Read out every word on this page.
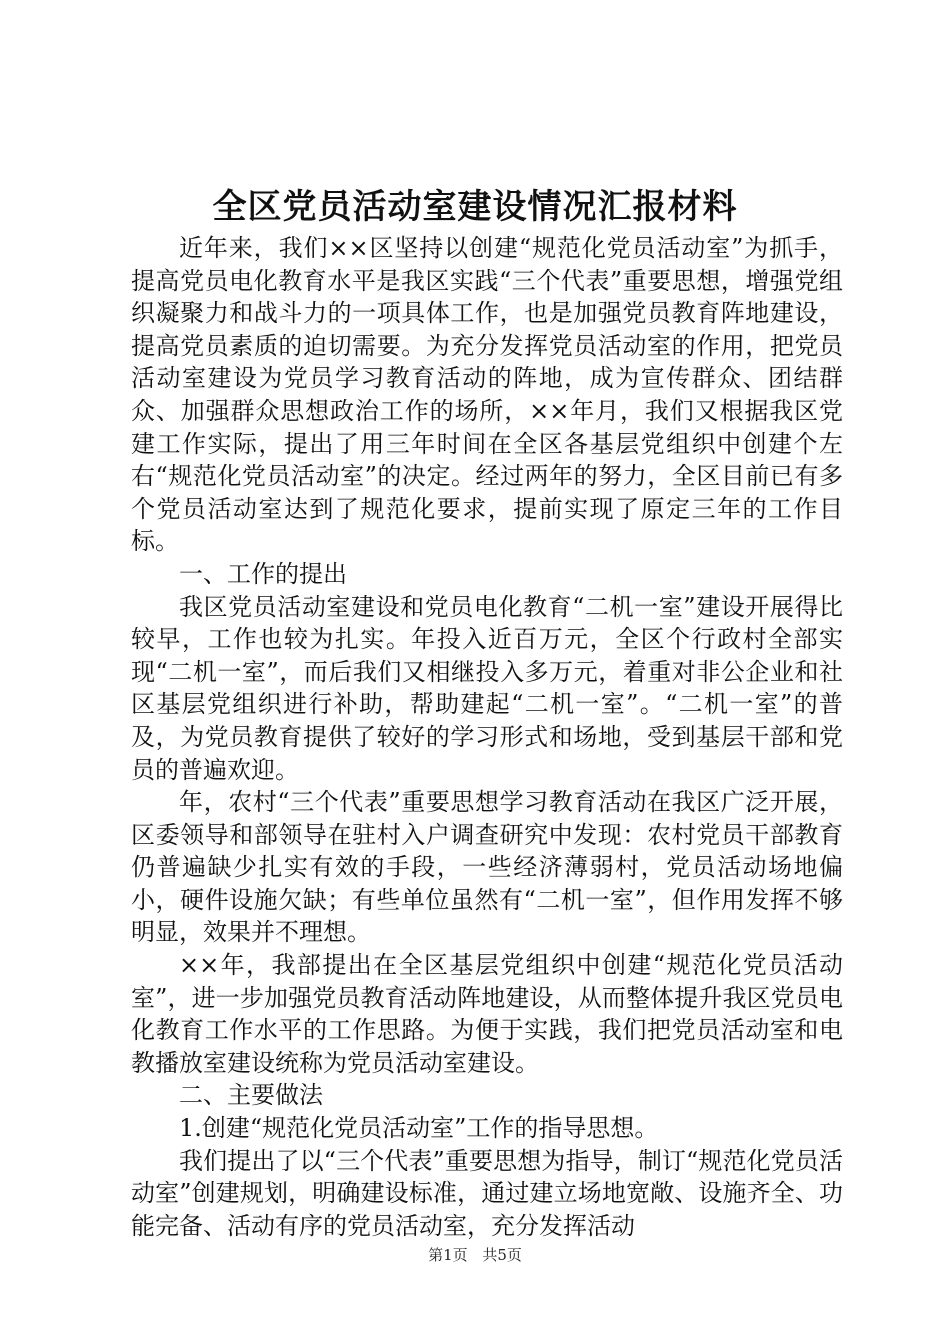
全区党员活动室建设情况汇报材料

近年来，我们××区坚持以创建“规范化党员活动室”为抓手，提高党员电化教育水平是我区实践“三个代表”重要思想，增强党组织凝聚力和战斗力的一项具体工作，也是加强党员教育阵地建设，提高党员素质的迫切需要。为充分发挥党员活动室的作用，把党员活动室建设为党员学习教育活动的阵地，成为宣传群众、团结群众、加强群众思想政治工作的场所，××年月，我们又根据我区党建工作实际，提出了用三年时间在全区各基层党组织中创建个左右“规范化党员活动室”的决定。经过两年的努力，全区目前已有多个党员活动室达到了规范化要求，提前实现了原定三年的工作目标。

一、工作的提出

我区党员活动室建设和党员电化教育“二机一室”建设开展得比较早，工作也较为扎实。年投入近百万元，全区个行政村全部实现“二机一室”，而后我们又相继投入多万元，着重对非公企业和社区基层党组织进行补助，帮助建起“二机一室”。“二机一室”的普及，为党员教育提供了较好的学习形式和场地，受到基层干部和党员的普遍欢迎。

年，农村“三个代表”重要思想学习教育活动在我区广泛开展，区委领导和部领导在驻村入户调查研究中发现：农村党员干部教育仍普遍缺少扎实有效的手段，一些经济薄弱村，党员活动场地偏小，硬件设施欠缺；有些单位虽然有“二机一室”，但作用发挥不够明显，效果并不理想。

××年，我部提出在全区基层党组织中创建“规范化党员活动室”，进一步加强党员教育活动阵地建设，从而整体提升我区党员电化教育工作水平的工作思路。为便于实践，我们把党员活动室和电教播放室建设统称为党员活动室建设。

二、主要做法

1.创建“规范化党员活动室”工作的指导思想。

我们提出了以“三个代表”重要思想为指导，制订“规范化党员活动室”创建规划，明确建设标准，通过建立场地宽敞、设施齐全、功能完备、活动有序的党员活动室，充分发挥活动

第1页 共5页
